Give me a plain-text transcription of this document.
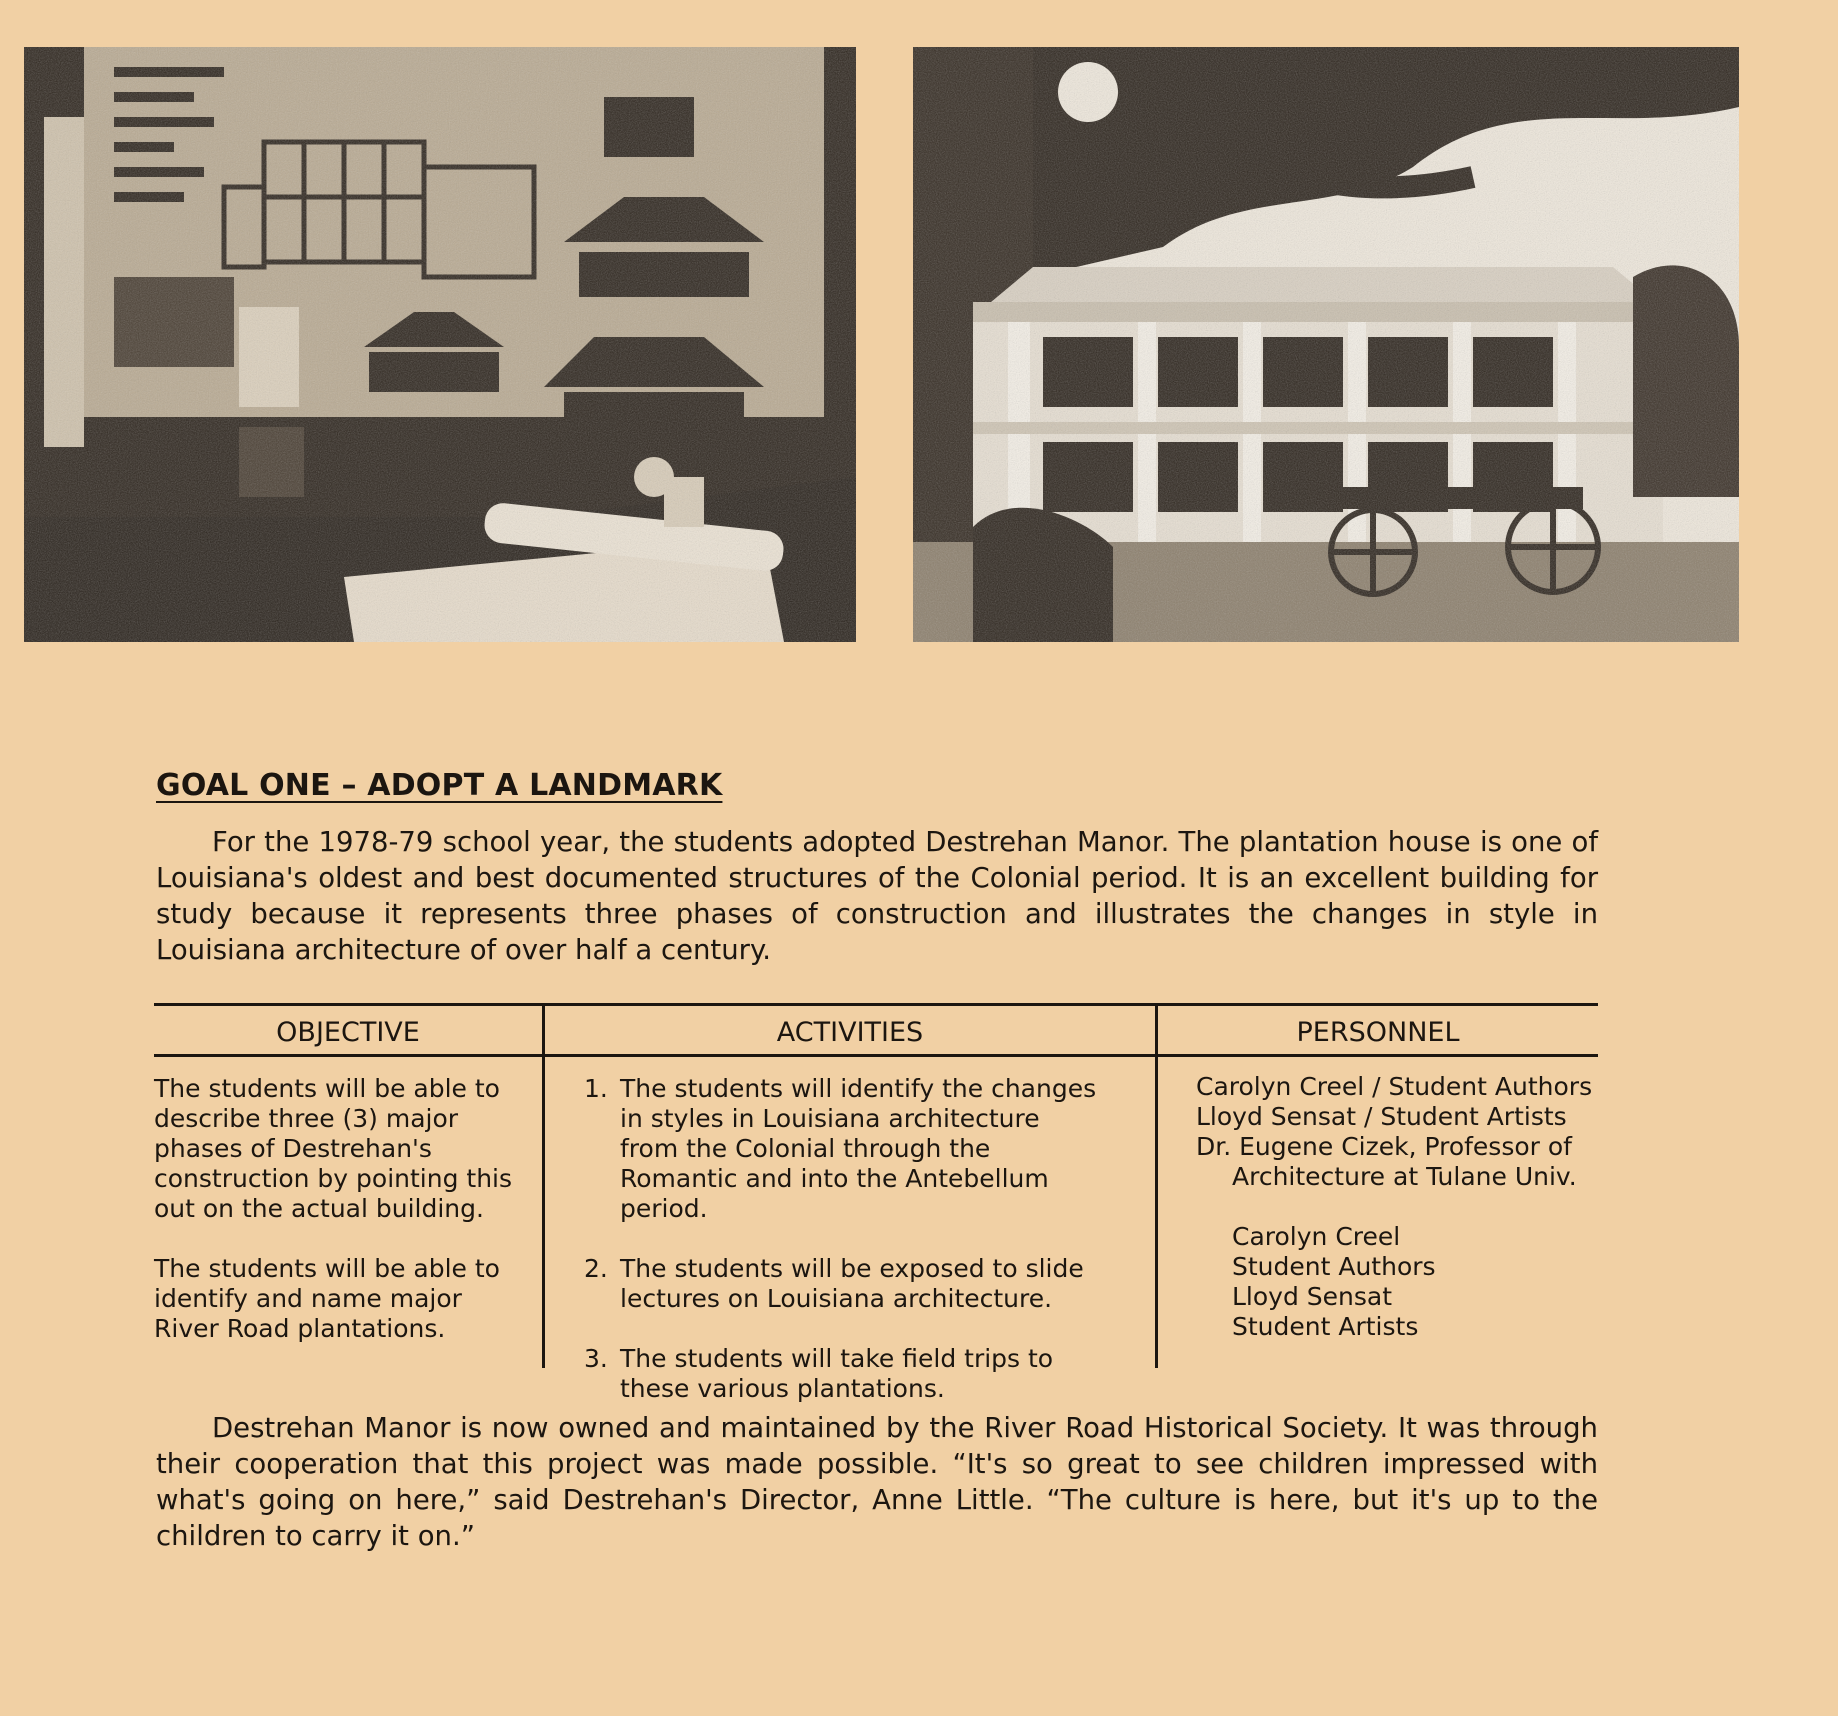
GOAL ONE – ADOPT A LANDMARK

For the 1978-79 school year, the students adopted Destrehan Manor. The plantation house is one of Louisiana's oldest and best documented structures of the Colonial period. It is an excellent building for study because it represents three phases of construction and illustrates the changes in style in Louisiana architecture of over half a century.

OBJECTIVE	ACTIVITIES	PERSONNEL

The students will be able to describe three (3) major phases of Destrehan's construction by pointing this out on the actual building.

The students will be able to identify and name major River Road plantations.

1. The students will identify the changes in styles in Louisiana architecture from the Colonial through the Romantic and into the Antebellum period.
2. The students will be exposed to slide lectures on Louisiana architecture.
3. The students will take field trips to these various plantations.
Carolyn Creel / Student Authors
Lloyd Sensat / Student Artists
Dr. Eugene Cizek, Professor of
Architecture at Tulane Univ.
Carolyn Creel
Student Authors
Lloyd Sensat
Student Artists

Destrehan Manor is now owned and maintained by the River Road Historical Society. It was through their cooperation that this project was made possible. “It's so great to see children impressed with what's going on here,” said Destrehan's Director, Anne Little. “The culture is here, but it's up to the children to carry it on.”
